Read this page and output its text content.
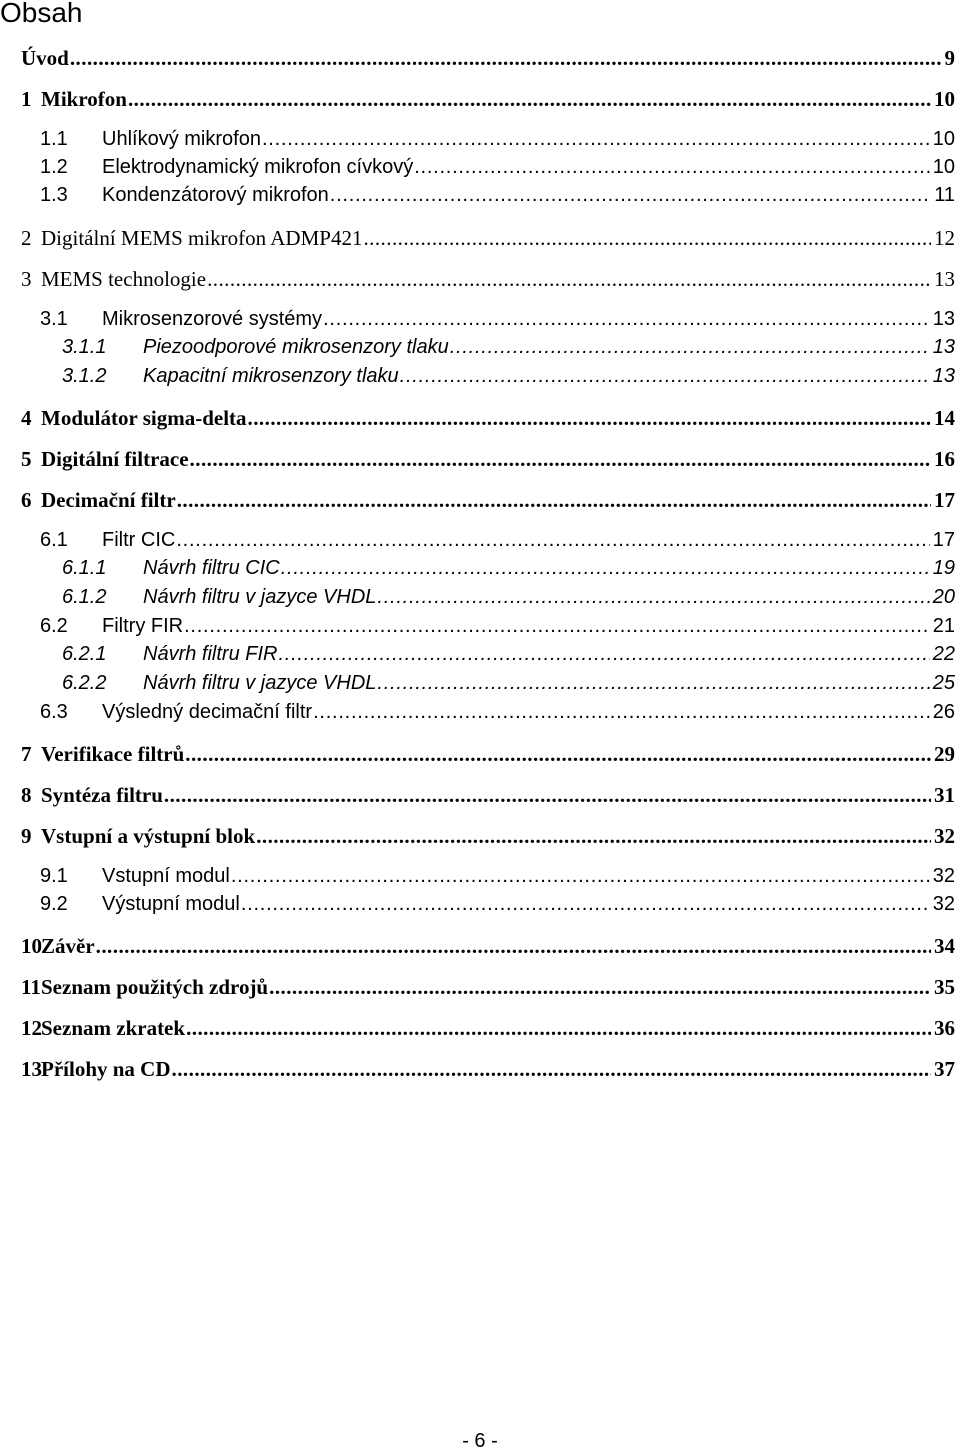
Obsah
Úvod . . .	9
1 Mikrofon . . .	10
1.1	Uhlíkový mikrofon . . .	10
1.2	Elektrodynamický mikrofon cívkový . . .	10
1.3	Kondenzátorový mikrofon . . .	11
2 Digitální MEMS mikrofon ADMP421 . . .	12
3 MEMS technologie . . .	13
3.1	Mikrosenzorové systémy . . .	13
3.1.1	Piezoodporové mikrosenzory tlaku . . .	13
3.1.2	Kapacitní mikrosenzory tlaku . . .	13
4 Modulátor sigma-delta . . .	14
5 Digitální filtrace . . .	16
6 Decimační filtr . . .	17
6.1	Filtr CIC . . .	17
6.1.1	Návrh filtru CIC . . .	19
6.1.2	Návrh filtru v jazyce VHDL . . .	20
6.2	Filtry FIR . . .	21
6.2.1	Návrh filtru FIR . . .	22
6.2.2	Návrh filtru v jazyce VHDL . . .	25
6.3	Výsledný decimační filtr . . .	26
7 Verifikace filtrů . . .	29
8 Syntéza filtru . . .	31
9 Vstupní a výstupní blok . . .	32
9.1	Vstupní modul . . .	32
9.2	Výstupní modul . . .	32
10 Závěr . . .	34
11 Seznam použitých zdrojů . . .	35
12 Seznam zkratek . . .	36
13 Přílohy na CD . . .	37
- 6 -
